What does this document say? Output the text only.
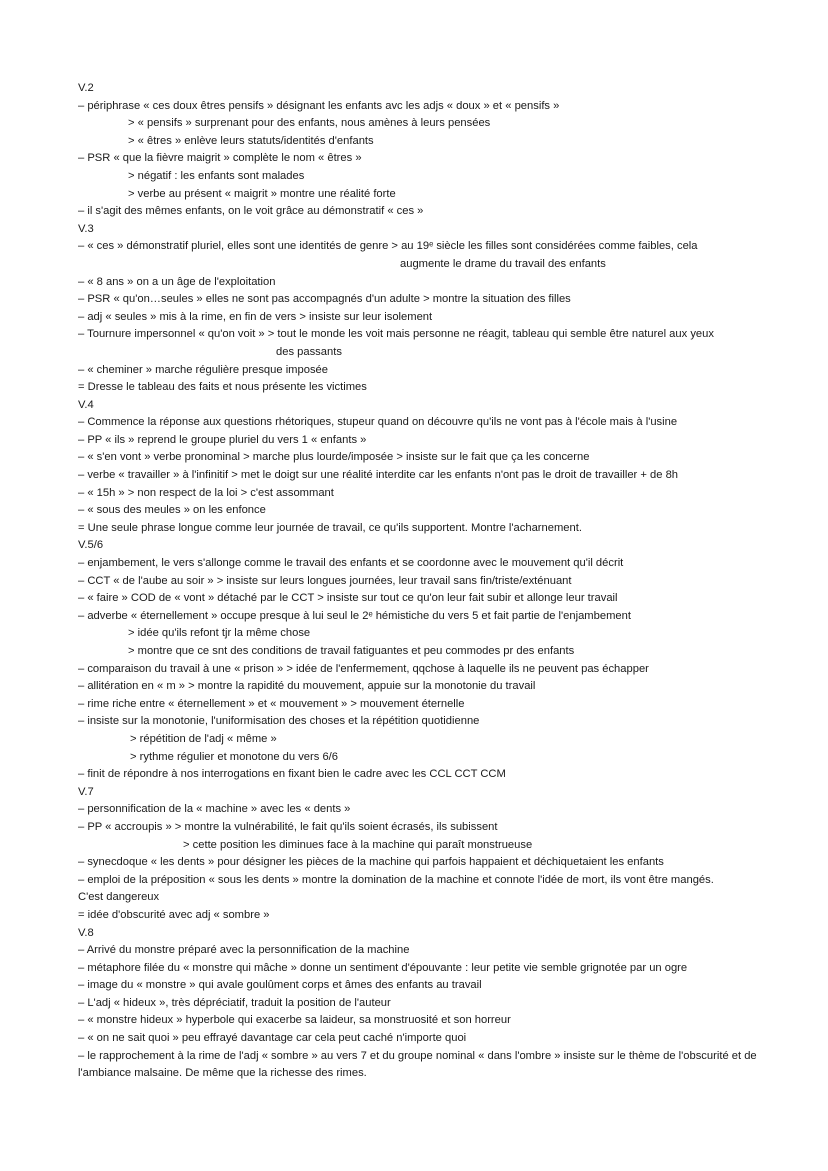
V.2
– périphrase « ces doux êtres pensifs » désignant les enfants avc les adjs « doux » et « pensifs »
> « pensifs » surprenant pour des enfants, nous amènes à leurs pensées
> « êtres » enlève leurs statuts/identités d'enfants
– PSR « que la fièvre maigrit » complète le nom « êtres »
> négatif : les enfants sont malades
> verbe au présent « maigrit » montre une réalité forte
– il s'agit des mêmes enfants, on le voit grâce au démonstratif « ces »
V.3
– « ces » démonstratif pluriel, elles sont une identités de genre > au 19ᵉ siècle les filles sont considérées comme faibles, cela
augmente le drame du travail des enfants
– « 8 ans » on a un âge de l'exploitation
– PSR « qu'on…seules » elles ne sont pas accompagnés d'un adulte > montre la situation des filles
– adj « seules » mis à la rime, en fin de vers > insiste sur leur isolement
– Tournure impersonnel « qu'on voit » > tout le monde les voit mais personne ne réagit, tableau qui semble être naturel aux yeux
des passants
– « cheminer » marche régulière presque imposée
= Dresse le tableau des faits et nous présente les victimes
V.4
– Commence la réponse aux questions rhétoriques, stupeur quand on découvre qu'ils ne vont pas à l'école mais à l'usine
– PP « ils » reprend le groupe pluriel du vers 1 « enfants »
– « s'en vont » verbe pronominal > marche plus lourde/imposée > insiste sur le fait que ça les concerne
– verbe « travailler » à l'infinitif > met le doigt sur une réalité interdite car les enfants n'ont pas le droit de travailler + de 8h
– « 15h » > non respect de la loi > c'est assommant
– « sous des meules » on les enfonce
= Une seule phrase longue comme leur journée de travail, ce qu'ils supportent. Montre l'acharnement.
V.5/6
– enjambement, le vers s'allonge comme le travail des enfants et se coordonne avec le mouvement qu'il décrit
– CCT « de l'aube au soir » > insiste sur leurs longues journées, leur travail sans fin/triste/exténuant
– « faire » COD de « vont » détaché par le CCT > insiste sur tout ce qu'on leur fait subir et allonge leur travail
– adverbe « éternellement » occupe presque à lui seul le 2ᵉ hémistiche du vers 5 et fait partie de l'enjambement
> idée qu'ils refont tjr la même chose
> montre que ce snt des conditions de travail fatiguantes et peu commodes pr des enfants
– comparaison du travail à une « prison » > idée de l'enfermement, qqchose à laquelle ils ne peuvent pas échapper
– allitération en « m » > montre la rapidité du mouvement, appuie sur la monotonie du travail
– rime riche entre « éternellement » et « mouvement » > mouvement éternelle
– insiste sur la monotonie, l'uniformisation des choses et la répétition quotidienne
> répétition de l'adj « même »
> rythme régulier et monotone du vers 6/6
– finit de répondre à nos interrogations en fixant bien le cadre avec les CCL CCT CCM
V.7
– personnification de la « machine » avec les « dents »
– PP « accroupis » > montre la vulnérabilité, le fait qu'ils soient écrasés, ils subissent
> cette position les diminues face à la machine qui paraît monstrueuse
– synecdoque « les dents » pour désigner les pièces de la machine qui parfois happaient et déchiquetaient les enfants
– emploi de la préposition « sous les dents » montre la domination de la machine et connote l'idée de mort, ils vont être mangés.
C'est dangereux
= idée d'obscurité avec adj « sombre »
V.8
– Arrivé du monstre préparé avec la personnification de la machine
– métaphore filée du « monstre qui mâche » donne un sentiment d'épouvante : leur petite vie semble grignotée par un ogre
– image du « monstre » qui avale goulûment corps et âmes des enfants au travail
– L'adj « hideux », très dépréciatif, traduit la position de l'auteur
– « monstre hideux » hyperbole qui exacerbe sa laideur, sa monstruosité et son horreur
– « on ne sait quoi » peu effrayé davantage car cela peut caché n'importe quoi
– le rapprochement à la rime de l'adj « sombre » au vers 7 et du groupe nominal « dans l'ombre » insiste sur le thème de l'obscurité et de l'ambiance malsaine. De même que la richesse des rimes.
